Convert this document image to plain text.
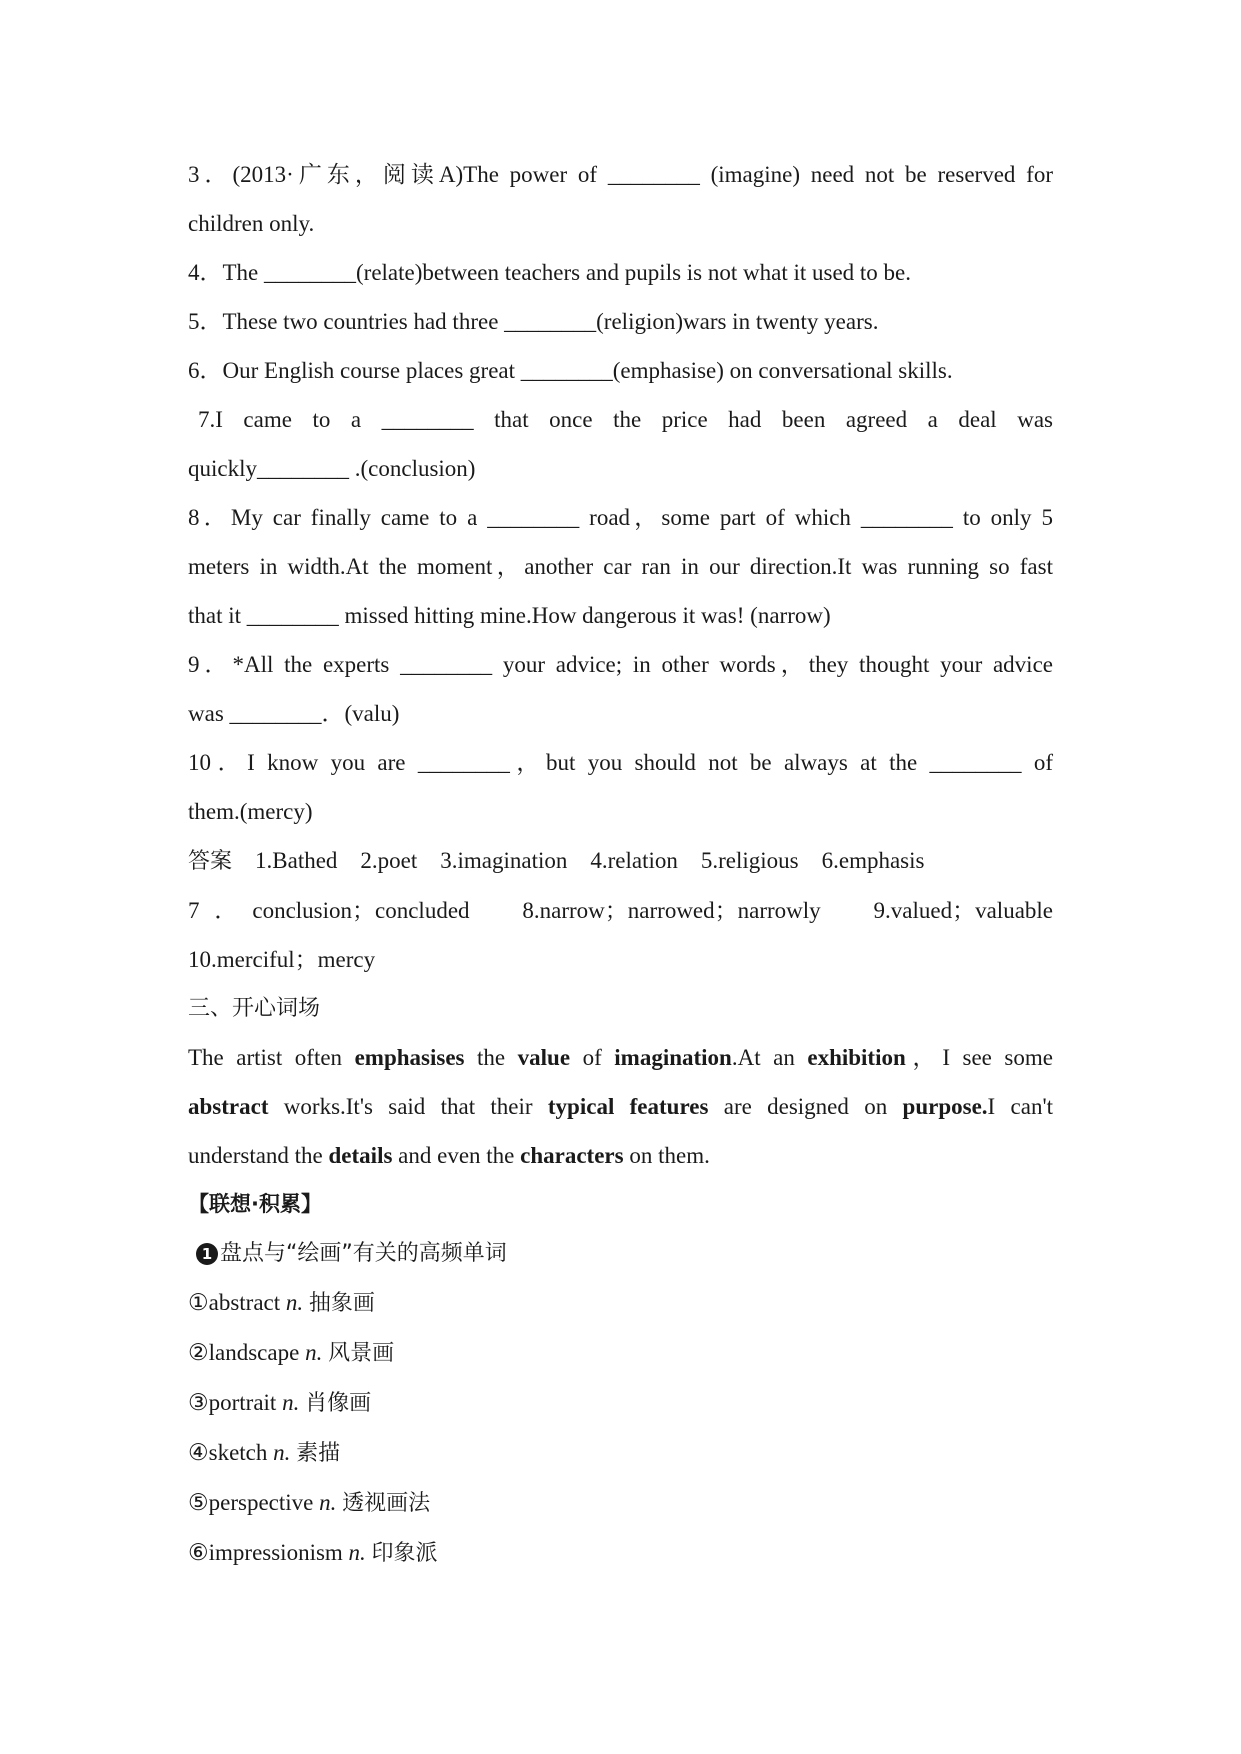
3．(2013·广东，阅读A)The power of ________ (imagine) need not be reserved for
children only.
4．The ________(relate)between teachers and pupils is not what it used to be.
5．These two countries had three ________(religion)wars in twenty years.
6．Our English course places great ________(emphasise) on conversational skills.
7.I came to a ________ that once the price had been agreed a deal was
quickly________ .(conclusion)
8．My car finally came to a ________ road，some part of which ________ to only 5
meters in width.At the moment，another car ran in our direction.It was running so fast
that it ________ missed hitting mine.How dangerous it was! (narrow)
9．*All the experts ________ your advice; in other words，they thought your advice
was ________．(valu)
10．I know you are ________，but you should not be always at the ________ of
them.(mercy)
答案　 1.Bathed　2.poet　3.imagination　4.relation　5.religious　6.emphasis
7．conclusion；concluded　8.narrow；narrowed；narrowly　9.valued；valuable
10.merciful；mercy
三、开心词场
The artist often emphasises the value of imagination.At an exhibition，I see some
abstract works.It's said that their typical features are designed on purpose.I can't
understand the details and even the characters on them.
【联想·积累】
1 盘点与“绘画”有关的高频单词
①abstract n. 抽象画
②landscape n. 风景画
③portrait n. 肖像画
④sketch n. 素描
⑤perspective n. 透视画法
⑥impressionism n. 印象派
